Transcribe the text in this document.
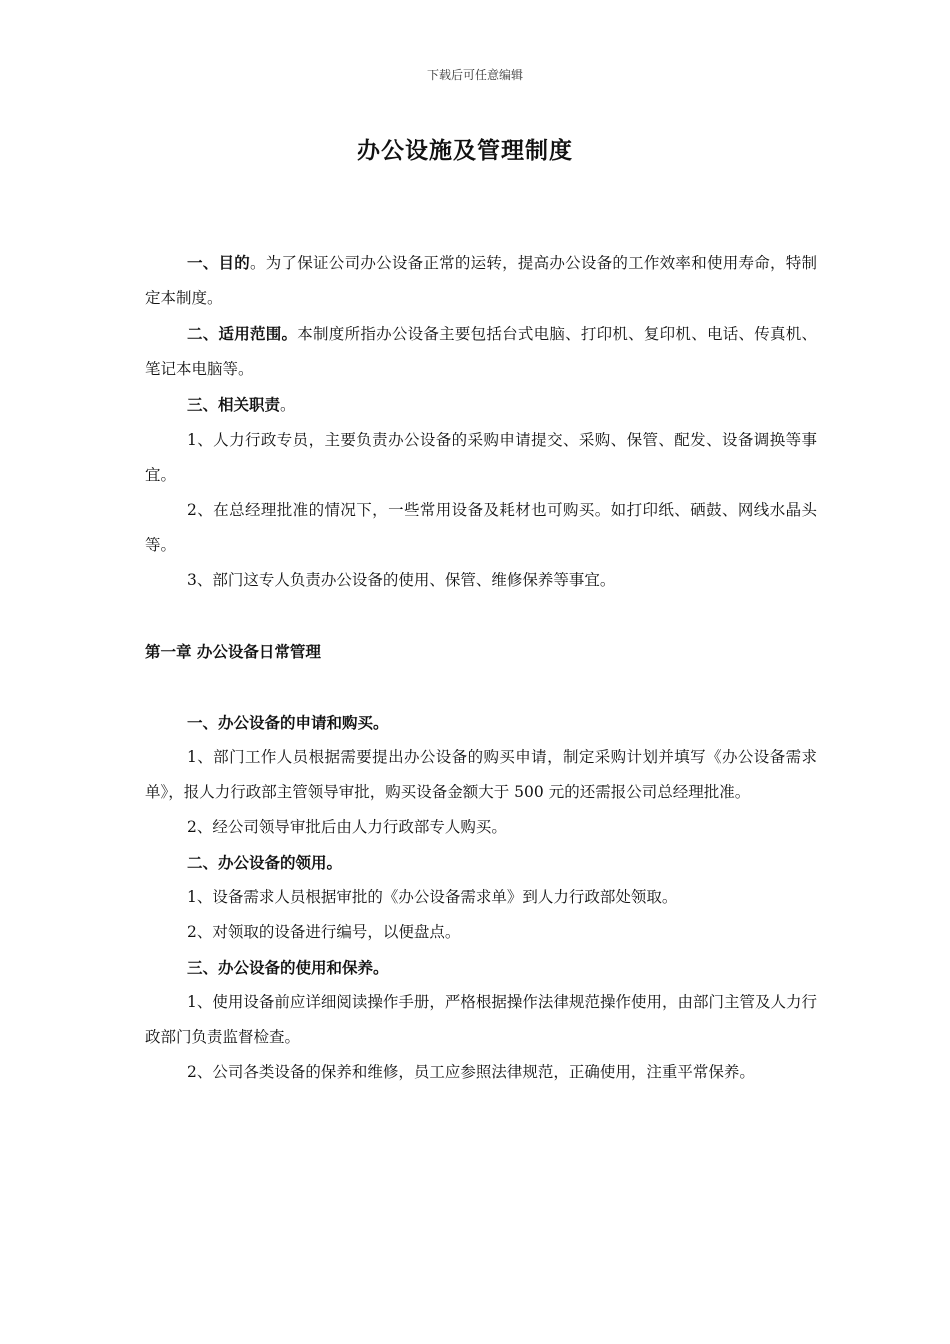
下载后可任意编辑
办公设施及管理制度

一、目的。为了保证公司办公设备正常的运转，提高办公设备的工作效率和使用寿命，特制定本制度。

二、适用范围。本制度所指办公设备主要包括台式电脑、打印机、复印机、电话、传真机、笔记本电脑等。

三、相关职责。

1、人力行政专员，主要负责办公设备的采购申请提交、采购、保管、配发、设备调换等事宜。

2、在总经理批准的情况下，一些常用设备及耗材也可购买。如打印纸、硒鼓、网线水晶头等。

3、部门这专人负责办公设备的使用、保管、维修保养等事宜。

第一章 办公设备日常管理

一、办公设备的申请和购买。

1、部门工作人员根据需要提出办公设备的购买申请，制定采购计划并填写《办公设备需求单》，报人力行政部主管领导审批，购买设备金额大于 500 元的还需报公司总经理批准。

2、经公司领导审批后由人力行政部专人购买。

二、办公设备的领用。

1、设备需求人员根据审批的《办公设备需求单》到人力行政部处领取。

2、对领取的设备进行编号，以便盘点。

三、办公设备的使用和保养。

1、使用设备前应详细阅读操作手册，严格根据操作法律规范操作使用，由部门主管及人力行政部门负责监督检查。

2、公司各类设备的保养和维修，员工应参照法律规范，正确使用，注重平常保养。
